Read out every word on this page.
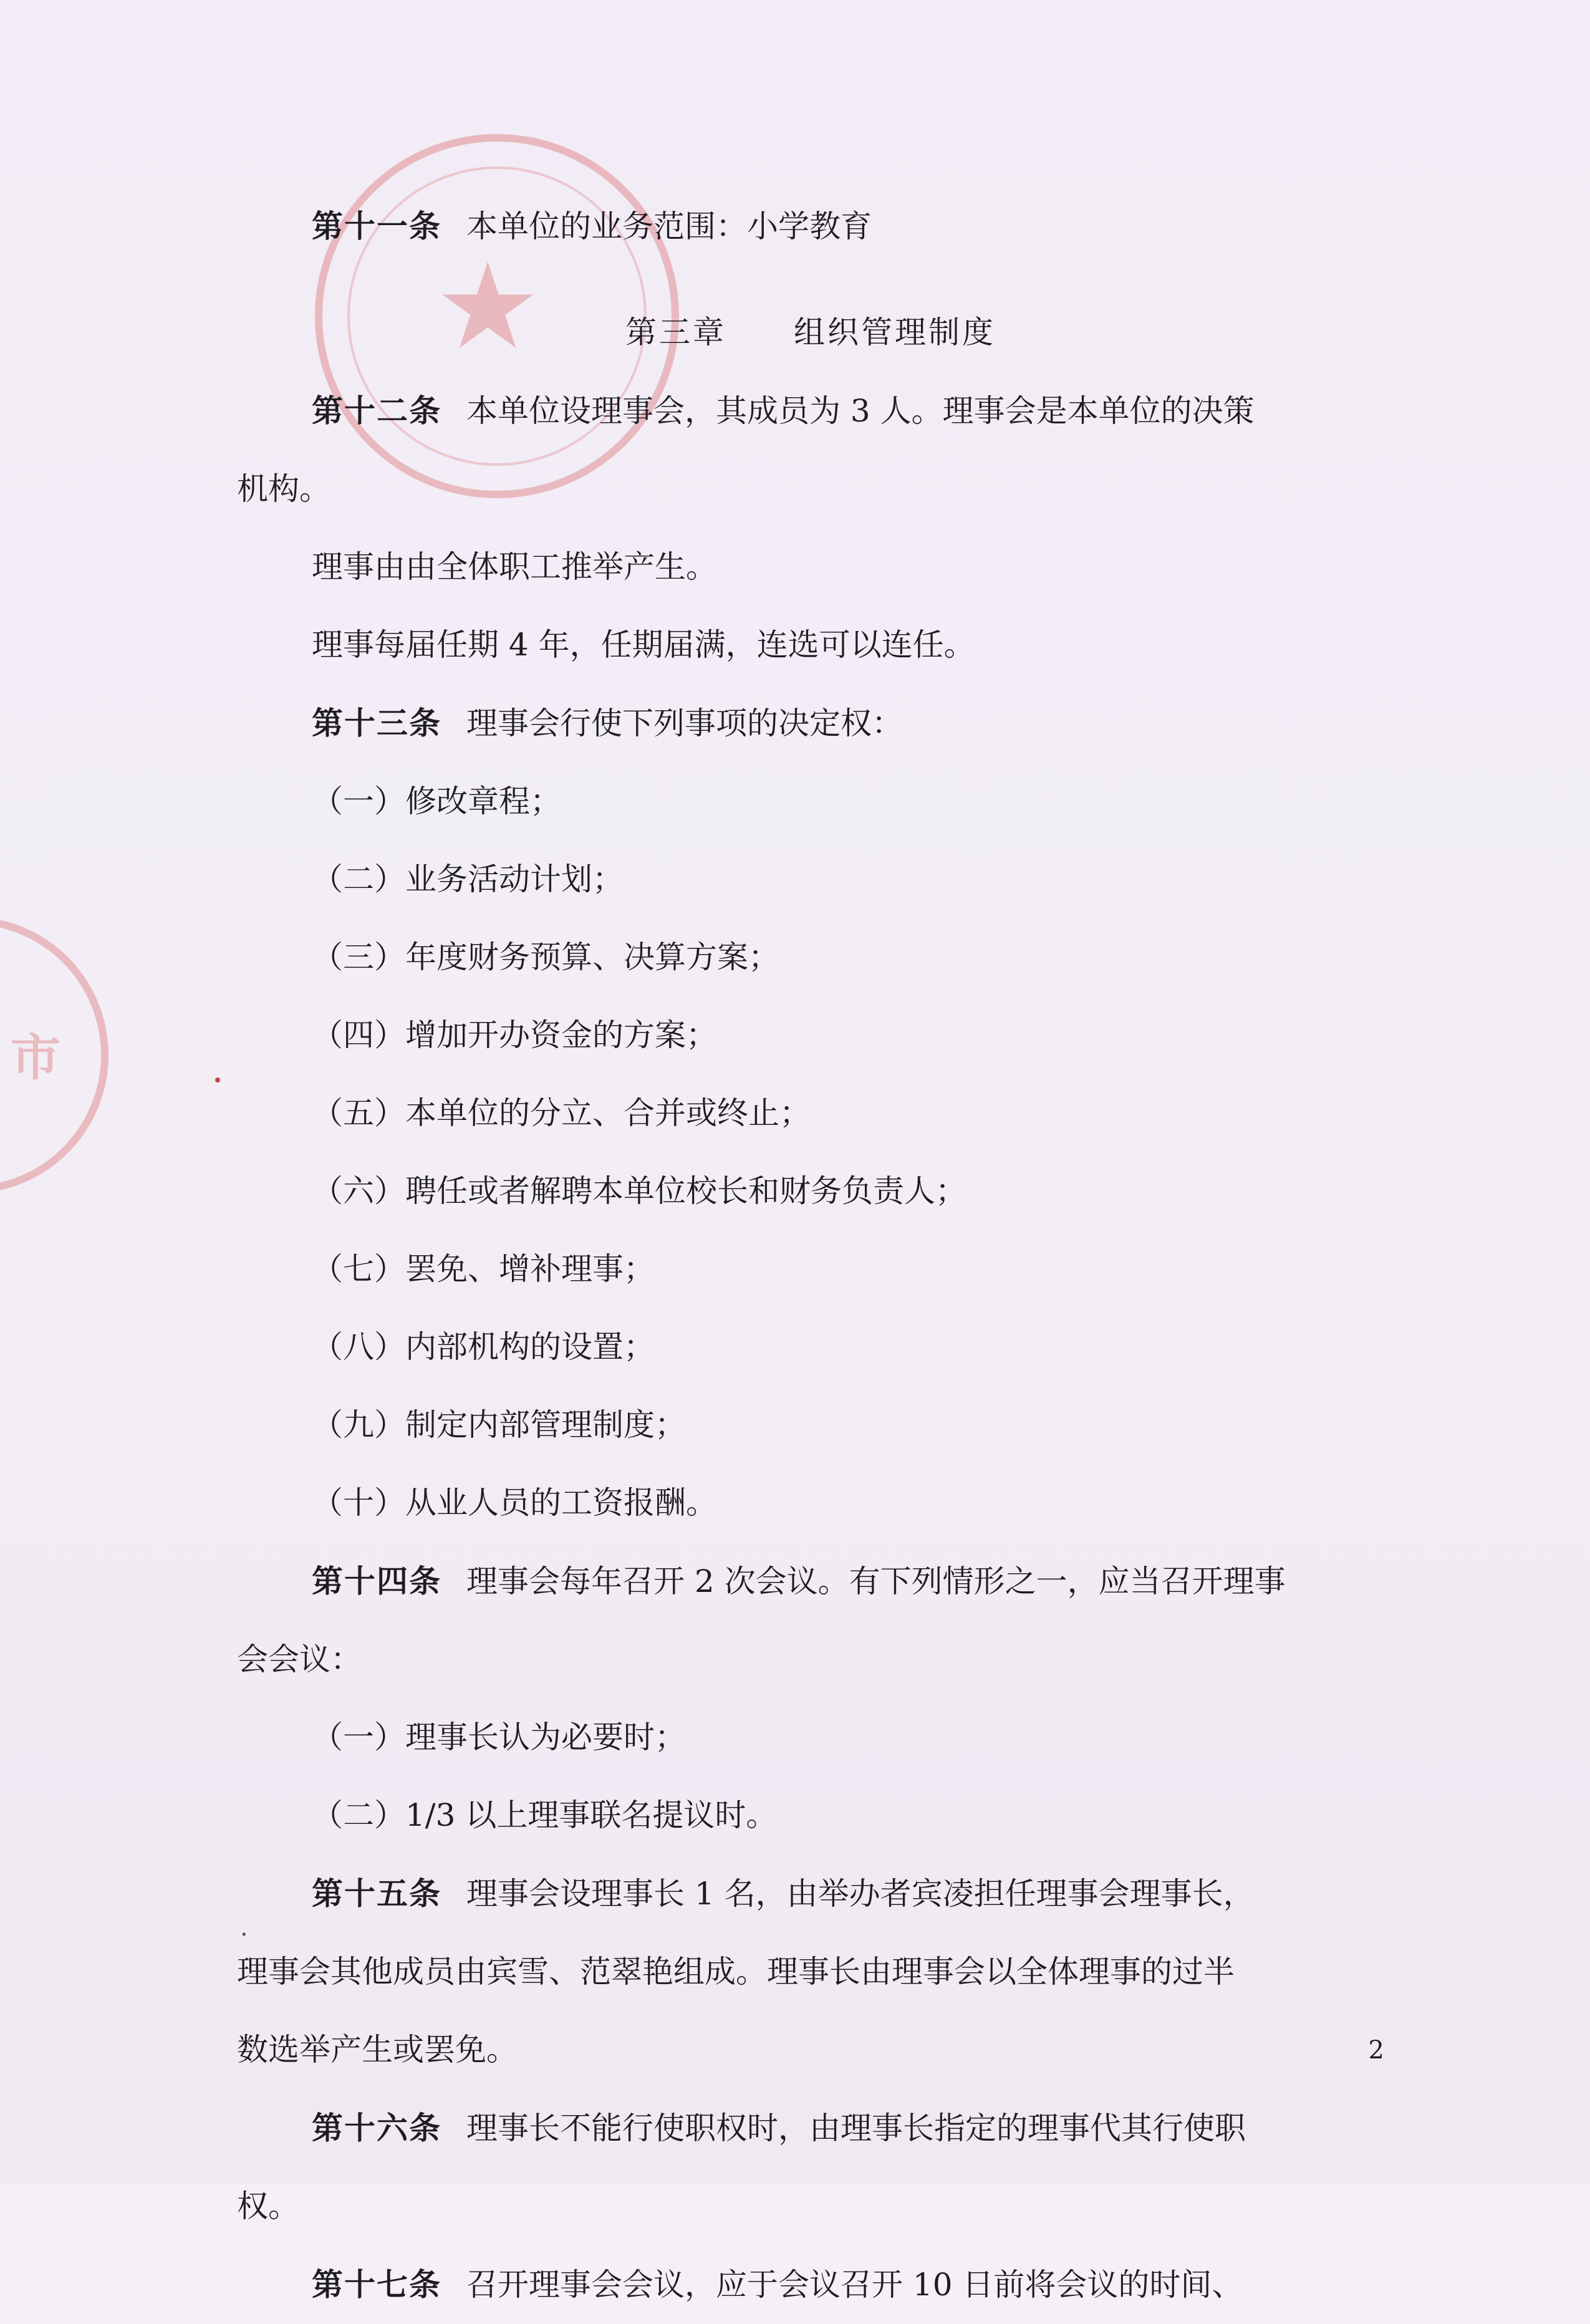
★
市
第十一条 本单位的业务范围：小学教育
第三章　　组织管理制度
第十二条 本单位设理事会，其成员为 3 人。理事会是本单位的决策
机构。
理事由由全体职工推举产生。
理事每届任期 4 年，任期届满，连选可以连任。
第十三条 理事会行使下列事项的决定权：
（一）修改章程；
（二）业务活动计划；
（三）年度财务预算、决算方案；
（四）增加开办资金的方案；
（五）本单位的分立、合并或终止；
（六）聘任或者解聘本单位校长和财务负责人；
（七）罢免、增补理事；
（八）内部机构的设置；
（九）制定内部管理制度；
（十）从业人员的工资报酬。
第十四条 理事会每年召开 2 次会议。有下列情形之一，应当召开理事
会会议：
（一）理事长认为必要时；
（二）1/3 以上理事联名提议时。
第十五条 理事会设理事长 1 名，由举办者宾凌担任理事会理事长，
理事会其他成员由宾雪、范翠艳组成。理事长由理事会以全体理事的过半
数选举产生或罢免。
第十六条 理事长不能行使职权时，由理事长指定的理事代其行使职
权。
第十七条 召开理事会会议，应于会议召开 10 日前将会议的时间、
·
2
